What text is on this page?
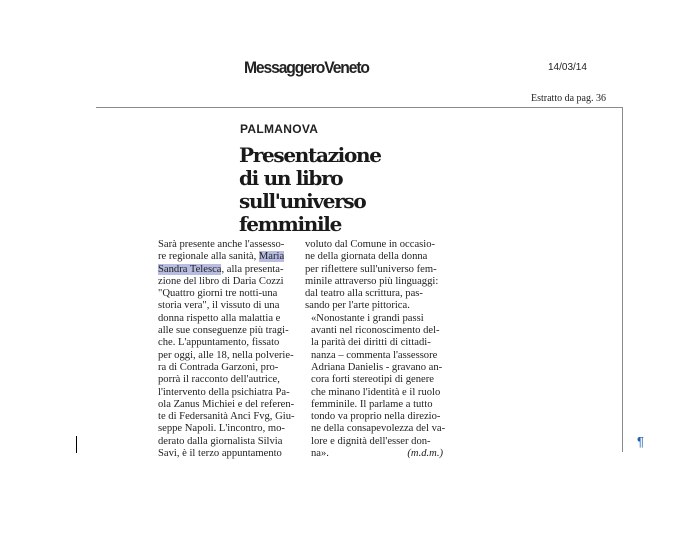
MessaggeroVeneto	14/03/14
Estratto da pag. 36
¶
PALMANOVA
Presentazione
di un libro
sull'universo
femminile
Sarà presente anche l'assesso-
re regionale alla sanità, Maria
Sandra Telesca, alla presenta-
zione del libro di Daria Cozzi
"Quattro giorni tre notti-una
storia vera", il vissuto di una
donna rispetto alla malattia e
alle sue conseguenze più tragi-
che. L'appuntamento, fissato
per oggi, alle 18, nella polverie-
ra di Contrada Garzoni, pro-
porrà il racconto dell'autrice,
l'intervento della psichiatra Pa-
ola Zanus Michiei e del referen-
te di Federsanità Anci Fvg, Giu-
seppe Napoli. L'incontro, mo-
derato dalla giornalista Silvia
Savi, è il terzo appuntamento
voluto dal Comune in occasio-
ne della giornata della donna
per riflettere sull'universo fem-
minile attraverso più linguaggi:
dal teatro alla scrittura, pas-
sando per l'arte pittorica.
«Nonostante i grandi passi
avanti nel riconoscimento del-
la parità dei diritti di cittadi-
nanza – commenta l'assessore
Adriana Danielis - gravano an-
cora forti stereotipi di genere
che minano l'identità e il ruolo
femminile. Il parlame a tutto
tondo va proprio nella direzio-
ne della consapevolezza del va-
lore e dignità dell'esser don-
na».	(m.d.m.)
